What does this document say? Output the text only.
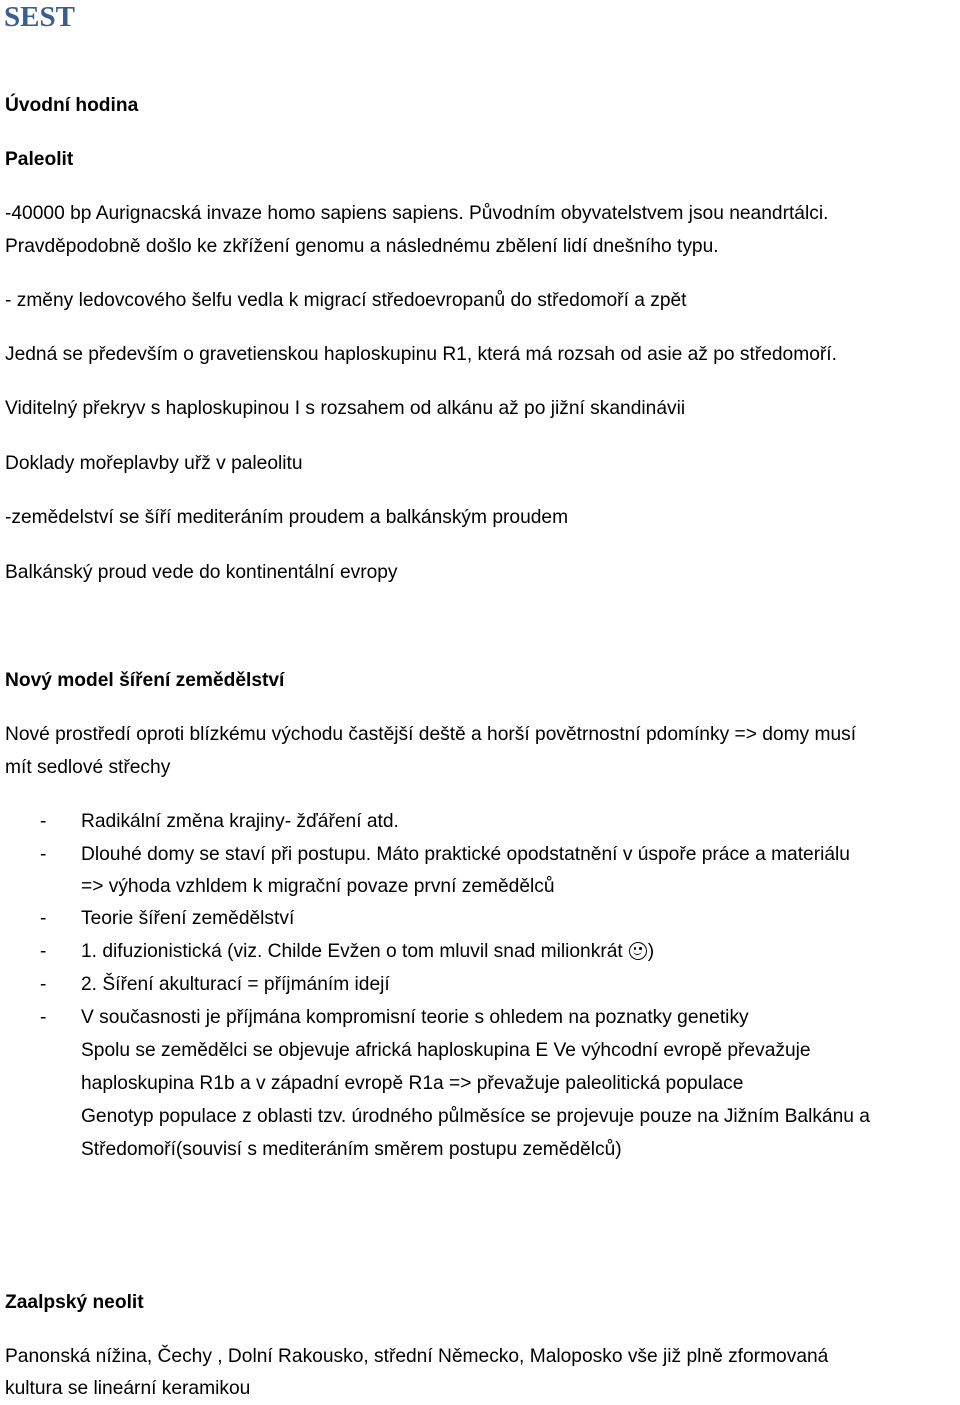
SEST

Úvodní hodina

Paleolit

-40000 bp Aurignacská invaze homo sapiens sapiens. Původním obyvatelstvem jsou neandrtálci.

Pravděpodobně došlo ke zkřížení genomu a následnému zbělení lidí dnešního typu.

- změny ledovcového šelfu vedla k migrací středoevropanů do středomoří a zpět

Jedná se především o gravetienskou haploskupinu R1, která má rozsah od asie až po středomoří.

Viditelný překryv s haploskupinou I s rozsahem od alkánu až po jižní skandinávii

Doklady mořeplavby uřž v paleolitu

-zemědelství se šíří mediteráním proudem a balkánským proudem

Balkánský proud vede do kontinentální evropy

Nový model šíření zemědělství

Nové prostředí oproti blízkému východu častější deště a horší povětrnostní pdomínky => domy musí

mít sedlové střechy

- Radikální změna krajiny- žďáření atd.

- Dlouhé domy se staví při postupu. Máto praktické opodstatnění v úspoře práce a materiálu

=> výhoda vzhldem k migrační povaze první zemědělců

- Teorie šíření zemědělství

- 1. difuzionistická (viz. Childe Evžen o tom mluvil snad milionkrát )

- 2. Šíření akulturací = příjmáním idejí

- V současnosti je příjmána kompromisní teorie s ohledem na poznatky genetiky

Spolu se zemědělci se objevuje africká haploskupina E Ve výhcodní evropě převažuje

haploskupina R1b a v západní evropě R1a => převažuje paleolitická populace

Genotyp populace z oblasti tzv. úrodného půlměsíce se projevuje pouze na Jižním Balkánu a

Středomoří(souvisí s mediteráním směrem postupu zemědělců)

Zaalpský neolit

Panonská nížina, Čechy , Dolní Rakousko, střední Německo, Maloposko vše již plně zformovaná

kultura se lineární keramikou
